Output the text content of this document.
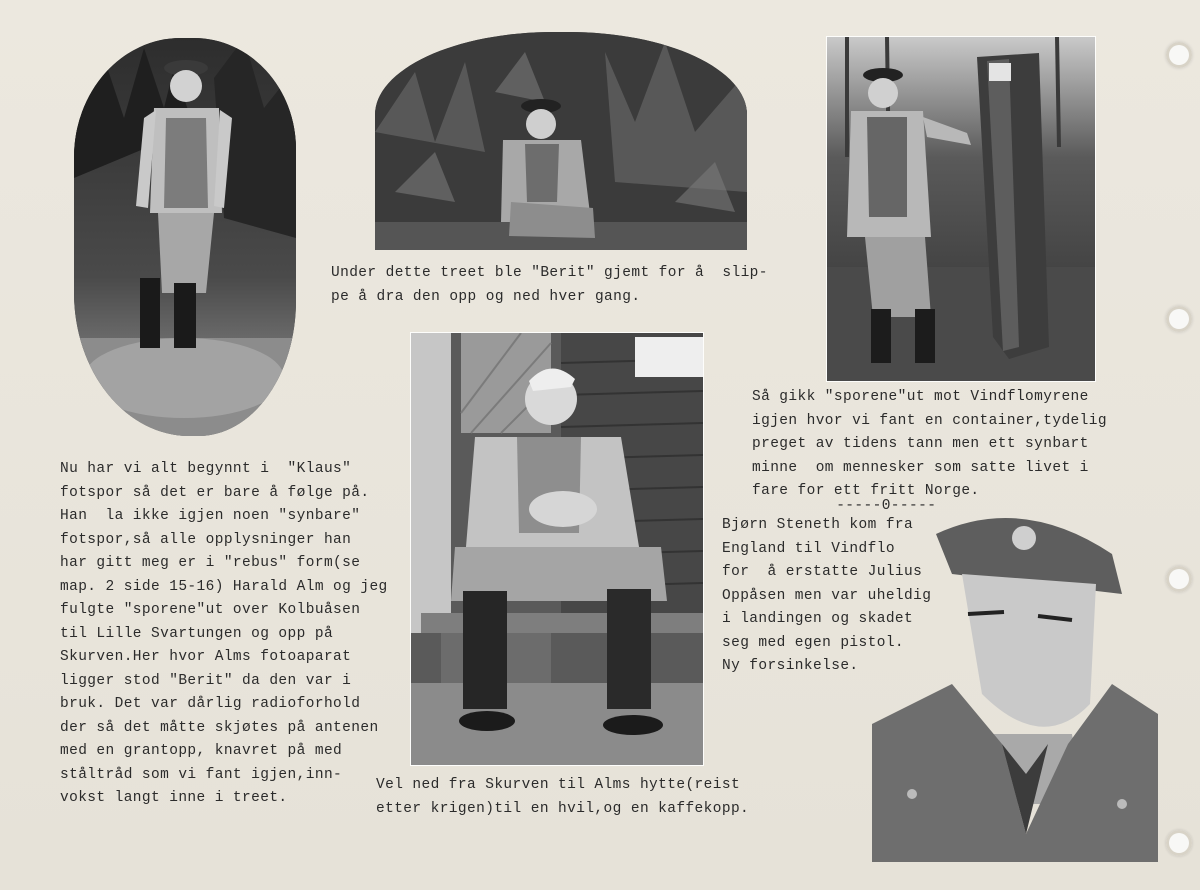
Under dette treet ble "Berit" gjemt for å  slip-
pe å dra den opp og ned hver gang.
Så gikk "sporene"ut mot Vindflomyrene
igjen hvor vi fant en container,tydelig
preget av tidens tann men ett synbart
minne  om mennesker som satte livet i
fare for ett fritt Norge.
-----0-----
Bjørn Steneth kom fra
England til Vindflo
for  å erstatte Julius
Oppåsen men var uheldig
i landingen og skadet
seg med egen pistol.
Ny forsinkelse.
Nu har vi alt begynnt i  "Klaus"
fotspor så det er bare å følge på.
Han  la ikke igjen noen "synbare"
fotspor,så alle opplysninger han
har gitt meg er i "rebus" form(se
map. 2 side 15-16) Harald Alm og jeg
fulgte "sporene"ut over Kolbuåsen
til Lille Svartungen og opp på
Skurven.Her hvor Alms fotoaparat
ligger stod "Berit" da den var i
bruk. Det var dårlig radioforhold
der så det måtte skjøtes på antenen
med en grantopp, knavret på med
ståltråd som vi fant igjen,inn-
vokst langt inne i treet.
Vel ned fra Skurven til Alms hytte(reist
etter krigen)til en hvil,og en kaffekopp.
